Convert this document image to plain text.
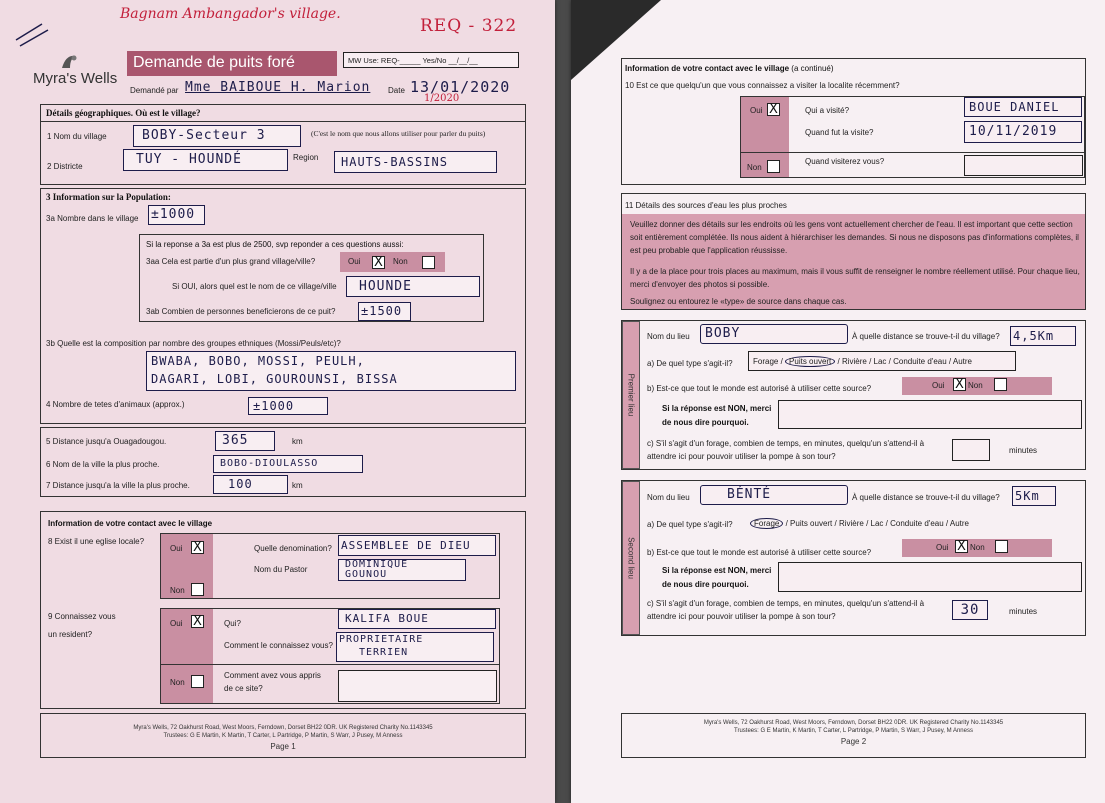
Bagnam Ambangador's village.
REQ - 322
Myra's Wells
Demande de puits foré	MW Use: REQ-_____ Yes/No __/__/__
Demandé par Mme BAIBOUE H. Marion Date 13/01/2020
1/2020
Détails géographiques. Où est le village?
1 Nom du village	BOBY-Secteur 3	(C'est le nom que nous allons utiliser pour parler du puits)
2 Districte	TUY - HOUNDÉ	Region	HAUTS-BASSINS
3 Information sur la Population:
3a Nombre dans le village ±1000
Si la reponse a 3a est plus de 2500, svp reponder a ces questions aussi:
3aa Cela est partie d'un plus grand village/ville?	Oui X Non
Si OUI, alors quel est le nom de ce village/ville	HOUNDE
3ab Combien de personnes beneficierons de ce puit? ±1500
3b Quelle est la composition par nombre des groupes ethniques (Mossi/Peuls/etc)?
BWABA, BOBO, MOSSI, PEULH,
DAGARI, LOBI, GOUROUNSI, BISSA
4 Nombre de tetes d'animaux (approx.)	±1000
5 Distance jusqu'a Ouagadougou.	365	km
6 Nom de la ville la plus proche.	BOBO-DIOULASSO
7 Distance jusqu'a la ville la plus proche.	100	km
Information de votre contact avec le village
8 Exist il une eglise locale?
Oui X
Non
Quelle denomination? ASSEMBLEE DE DIEU
Nom du Pastor	DOMINIQUE
GOUNOU
9 Connaissez vous
un resident?
Oui X	Qui?	KALIFA BOUE
Comment le connaissez vous?
PROPRIETAIRE
TERRIEN
Non
Comment avez vous appris
de ce site?
Myra's Wells, 72 Oakhurst Road, West Moors, Ferndown, Dorset BH22 0DR. UK Registered Charity No.1143345
Trustees: G E Martin, K Martin, T Carter, L Partridge, P Martin, S Warr, J Pusey, M Anness
Page 1
Information de votre contact avec le village (a continué)
10 Est ce que quelqu'un que vous connaissez a visiter la localite récemment?
Oui X	Qui a visité?	BOUE DANIEL
Quand fut la visite?	10/11/2019
Non
Quand visiterez vous?
11 Détails des sources d'eau les plus proches
Veuillez donner des détails sur les endroits où les gens vont actuellement chercher de l'eau. Il est important que cette section soit entièrement complétée. Ils nous aident à hiérarchiser les demandes. Si nous ne disposons pas d'informations complètes, il est peu probable que l'application réussisse.
Il y a de la place pour trois places au maximum, mais il vous suffit de renseigner le nombre réellement utilisé. Pour chaque lieu, merci d'envoyer des photos si possible.
Soulignez ou entourez le «type» de source dans chaque cas.
Premier lieu
Nom du lieu	BOBY	À quelle distance se trouve-t-il du village? 4,5Km
a) De quel type s'agit-il?	Forage / Puits ouvert / Rivière / Lac / Conduite d'eau / Autre
b) Est-ce que tout le monde est autorisé à utiliser cette source?	Oui X Non
Si la réponse est NON, merci
de nous dire pourquoi.
c) S'il s'agit d'un forage, combien de temps, en minutes, quelqu'un s'attend-il à
attendre ici pour pouvoir utiliser la pompe à son tour?
minutes
Second lieu
Nom du lieu	BÉNTÉ	À quelle distance se trouve-t-il du village? 5Km
a) De quel type s'agit-il?	Forage / Puits ouvert / Rivière / Lac / Conduite d'eau / Autre
b) Est-ce que tout le monde est autorisé à utiliser cette source?
Oui X Non
Si la réponse est NON, merci
de nous dire pourquoi.
c) S'il s'agit d'un forage, combien de temps, en minutes, quelqu'un s'attend-il à
attendre ici pour pouvoir utiliser la pompe à son tour?	30	minutes
Myra's Wells, 72 Oakhurst Road, West Moors, Ferndown, Dorset BH22 0DR. UK Registered Charity No.1143345
Trustees: G E Martin, K Martin, T Carter, L Partridge, P Martin, S Warr, J Pusey, M Anness
Page 2
